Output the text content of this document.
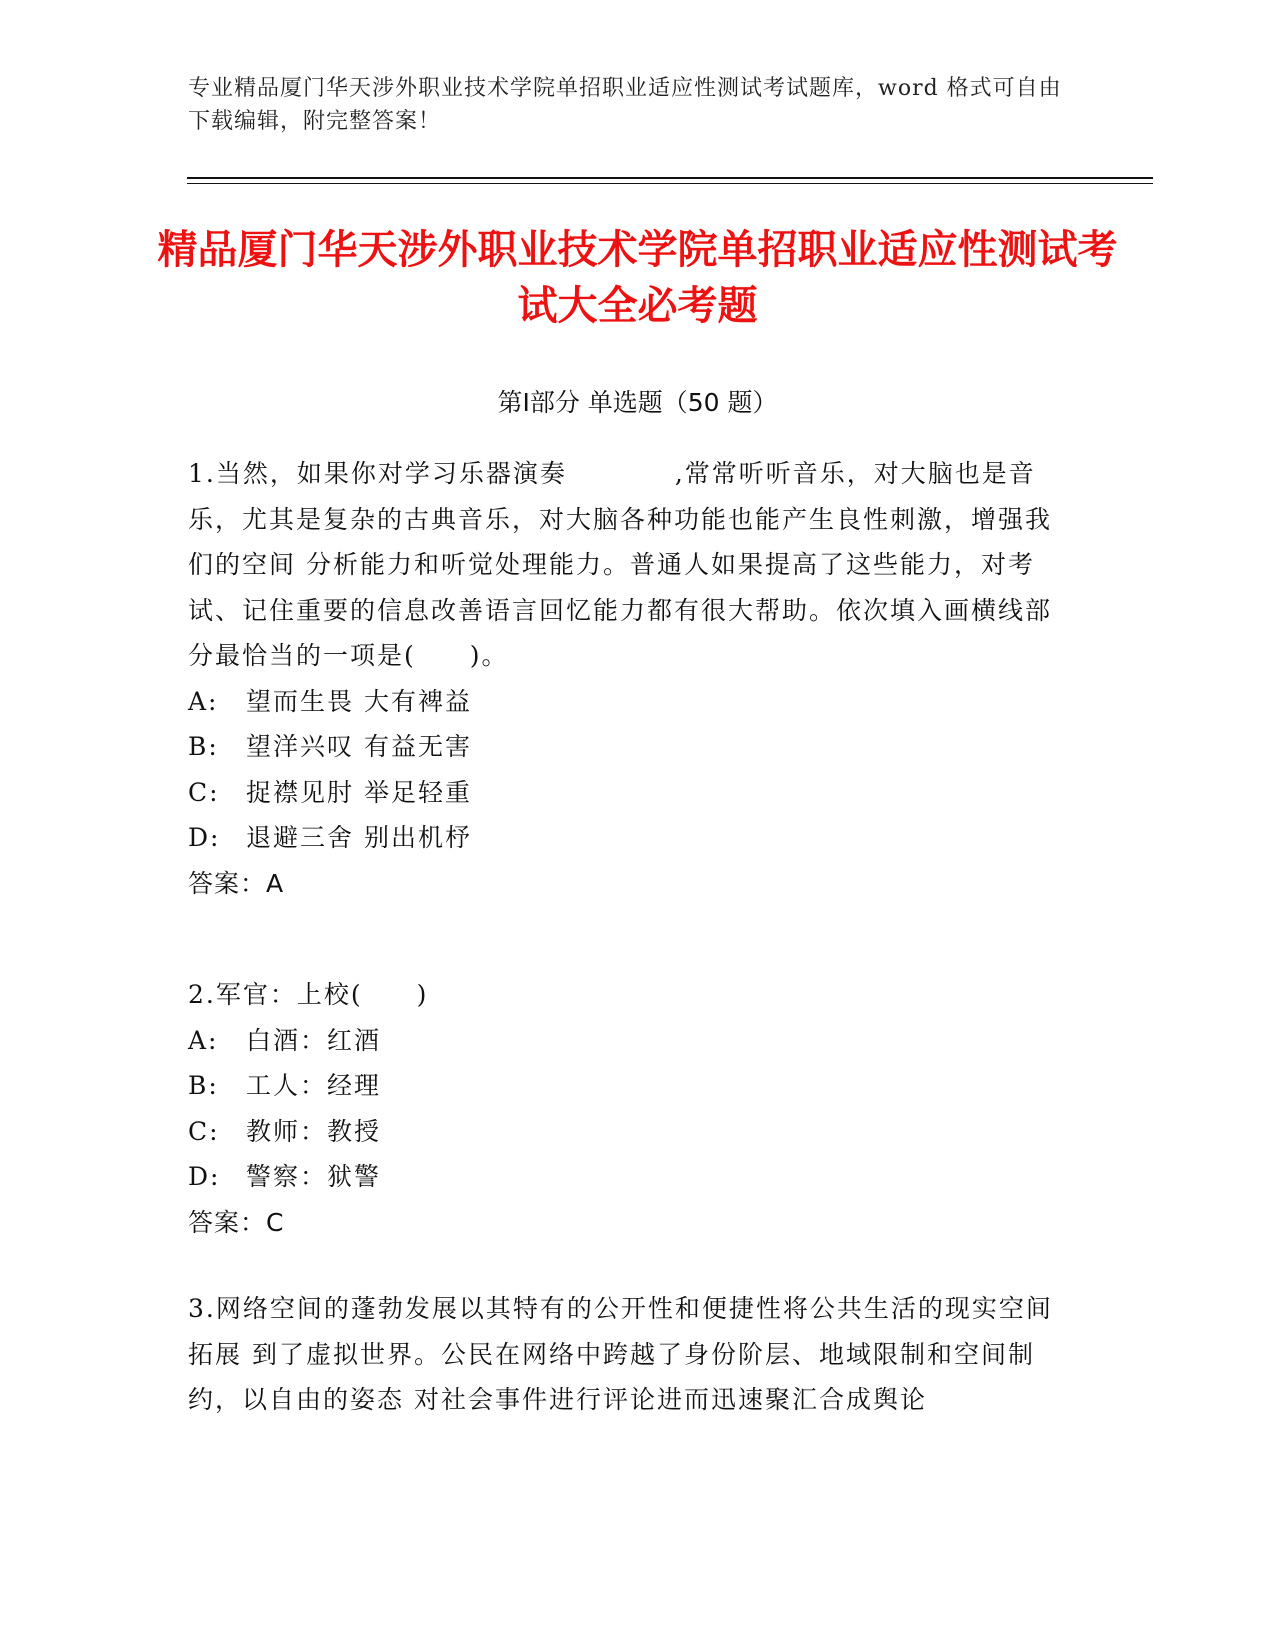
专业精品厦门华天涉外职业技术学院单招职业适应性测试考试题库，word 格式可自由下载编辑，附完整答案！
精品厦门华天涉外职业技术学院单招职业适应性测试考试大全必考题
第Ⅰ部分 单选题（50 题）
1.当然，如果你对学习乐器演奏　　　　,常常听听音乐，对大脑也是音乐，尤其是复杂的古典音乐，对大脑各种功能也能产生良性刺激，增强我们的空间 分析能力和听觉处理能力。普通人如果提高了这些能力，对考试、记住重要的信息改善语言回忆能力都有很大帮助。依次填入画横线部分最恰当的一项是(　　)。
A:	望而生畏 大有裨益
B:	望洋兴叹 有益无害
C:	捉襟见肘 举足轻重
D:	退避三舍 别出机杼
答案：A
2.军官：上校(　　)
A:	白酒：红酒
B:	工人：经理
C:	教师：教授
D:	警察：狱警
答案：C
3.网络空间的蓬勃发展以其特有的公开性和便捷性将公共生活的现实空间拓展 到了虚拟世界。公民在网络中跨越了身份阶层、地域限制和空间制约，以自由的姿态 对社会事件进行评论进而迅速聚汇合成舆论
